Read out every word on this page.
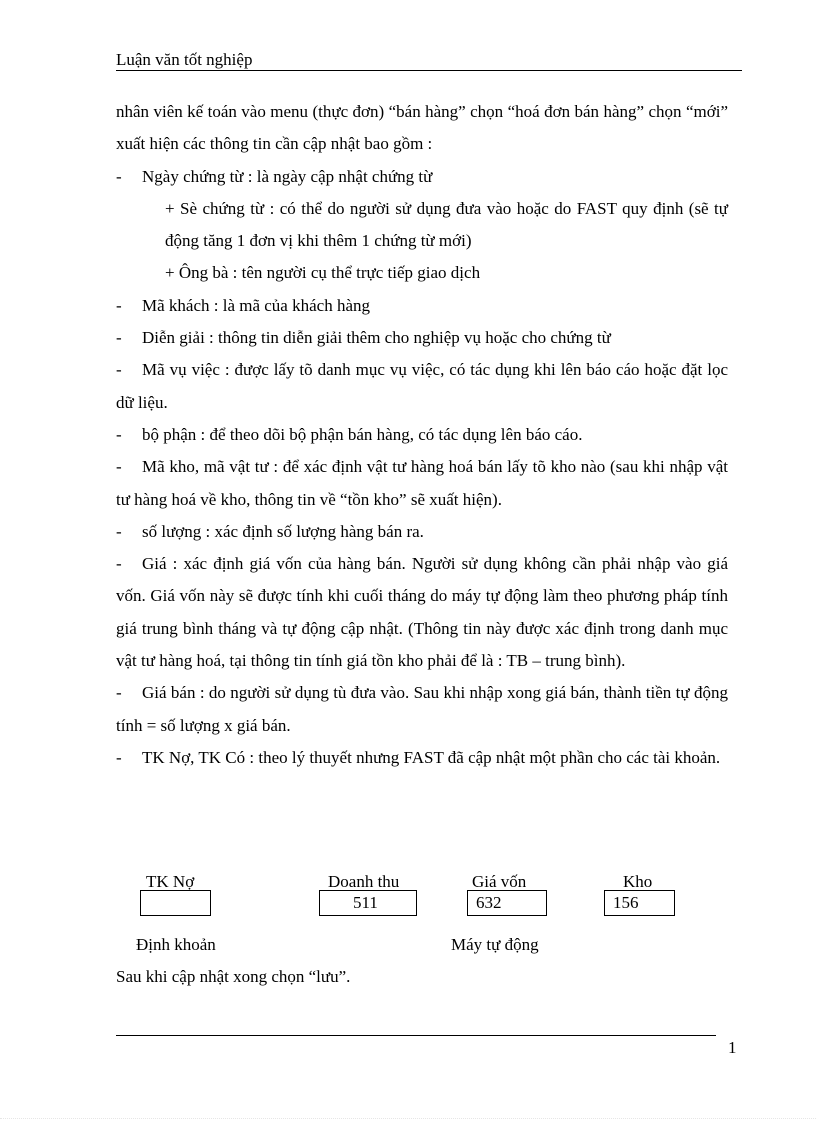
Luận văn tốt nghiệp

nhân viên kế toán vào menu (thực đơn) “bán hàng” chọn “hoá đơn bán hàng” chọn “mới” xuất hiện các thông tin cần cập nhật bao gồm :

- Ngày chứng từ : là ngày cập nhật chứng từ

+ Sè chứng từ : có thể do người sử dụng đưa vào hoặc do FAST quy định (sẽ tự động tăng 1 đơn vị khi thêm 1 chứng từ mới)

+ Ông bà : tên người cụ thể trực tiếp giao dịch

- Mã khách : là mã của khách hàng

- Diễn giải : thông tin diễn giải thêm cho nghiệp vụ hoặc cho chứng từ

- Mã vụ việc : được lấy tõ danh mục vụ việc, có tác dụng khi lên báo cáo hoặc đặt lọc dữ liệu.

- bộ phận : để theo dõi bộ phận bán hàng, có tác dụng lên báo cáo.

- Mã kho, mã vật tư : để xác định vật tư hàng hoá bán lấy tõ kho nào (sau khi nhập vật tư hàng hoá về kho, thông tin về “tồn kho” sẽ xuất hiện).

- số lượng : xác định số lượng hàng bán ra.

- Giá : xác định giá vốn của hàng bán. Người sử dụng không cần phải nhập vào giá vốn. Giá vốn này sẽ được tính khi cuối tháng do máy tự động làm theo phương pháp tính giá trung bình tháng và tự động cập nhật. (Thông tin này được xác định trong danh mục vật tư hàng hoá, tại thông tin tính giá tồn kho phải để là : TB – trung bình).

- Giá bán : do người sử dụng tù đưa vào. Sau khi nhập xong giá bán, thành tiền tự động tính = số lượng x giá bán.

- TK Nợ, TK Có : theo lý thuyết nhưng FAST đã cập nhật một phần cho các tài khoản.

TK Nợ	Doanh thu
511
Giá vốn
632
Kho
156
Định khoản	Máy tự động
Sau khi cập nhật xong chọn “lưu”.
1
